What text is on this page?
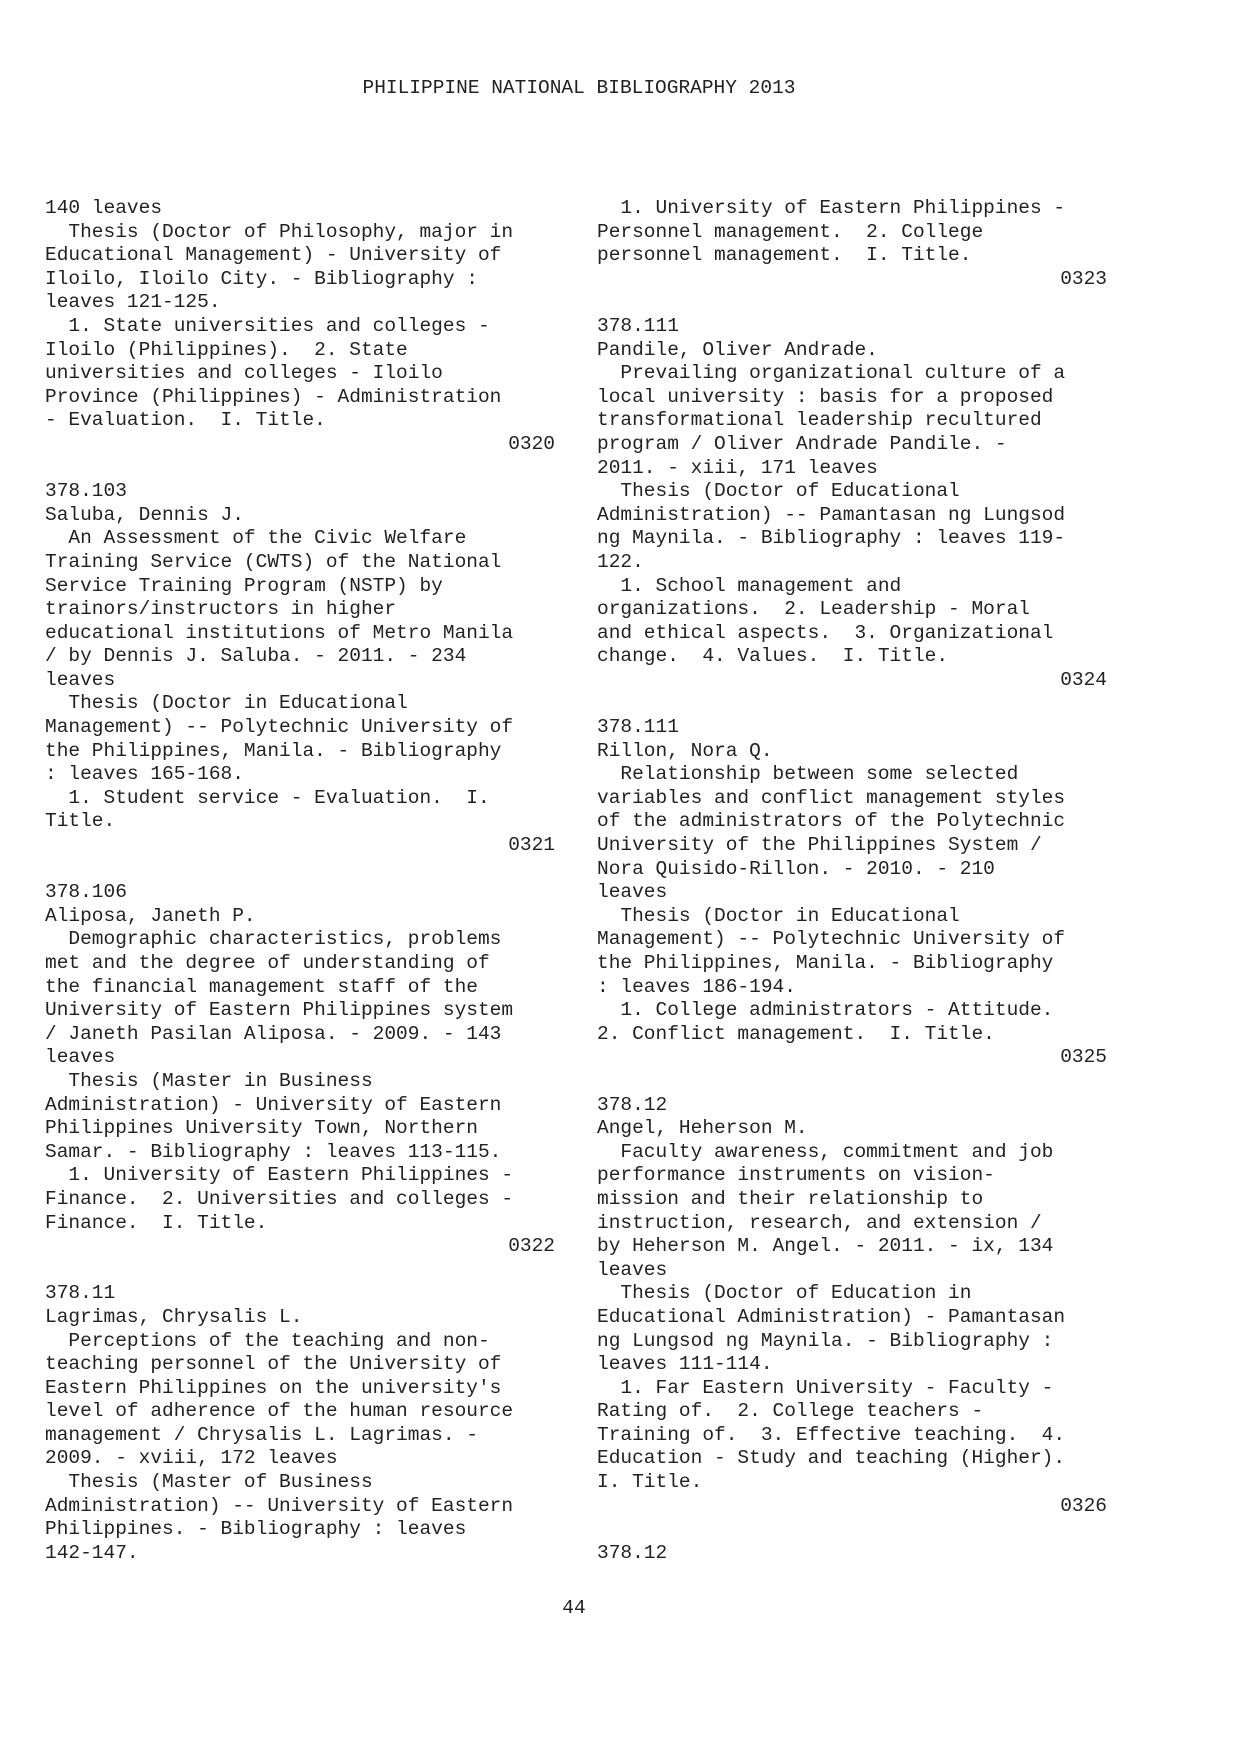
PHILIPPINE NATIONAL BIBLIOGRAPHY 2013
140 leaves
Thesis (Doctor of Philosophy, major in
Educational Management) - University of
Iloilo, Iloilo City. - Bibliography :
leaves 121-125.
1. State universities and colleges -
Iloilo (Philippines).  2. State
universities and colleges - Iloilo
Province (Philippines) - Administration
- Evaluation.  I. Title.
0320
378.103
Saluba, Dennis J.
An Assessment of the Civic Welfare
Training Service (CWTS) of the National
Service Training Program (NSTP) by
trainors/instructors in higher
educational institutions of Metro Manila
/ by Dennis J. Saluba. - 2011. - 234
leaves
Thesis (Doctor in Educational
Management) -- Polytechnic University of
the Philippines, Manila. - Bibliography
: leaves 165-168.
1. Student service - Evaluation.  I.
Title.
0321
378.106
Aliposa, Janeth P.
Demographic characteristics, problems
met and the degree of understanding of
the financial management staff of the
University of Eastern Philippines system
/ Janeth Pasilan Aliposa. - 2009. - 143
leaves
Thesis (Master in Business
Administration) - University of Eastern
Philippines University Town, Northern
Samar. - Bibliography : leaves 113-115.
1. University of Eastern Philippines -
Finance.  2. Universities and colleges -
Finance.  I. Title.
0322
378.11
Lagrimas, Chrysalis L.
Perceptions of the teaching and non-
teaching personnel of the University of
Eastern Philippines on the university's
level of adherence of the human resource
management / Chrysalis L. Lagrimas. -
2009. - xviii, 172 leaves
Thesis (Master of Business
Administration) -- University of Eastern
Philippines. - Bibliography : leaves
142-147.
1. University of Eastern Philippines -
Personnel management.  2. College
personnel management.  I. Title.
0323
378.111
Pandile, Oliver Andrade.
Prevailing organizational culture of a
local university : basis for a proposed
transformational leadership recultured
program / Oliver Andrade Pandile. -
2011. - xiii, 171 leaves
Thesis (Doctor of Educational
Administration) -- Pamantasan ng Lungsod
ng Maynila. - Bibliography : leaves 119-
122.
1. School management and
organizations.  2. Leadership - Moral
and ethical aspects.  3. Organizational
change.  4. Values.  I. Title.
0324
378.111
Rillon, Nora Q.
Relationship between some selected
variables and conflict management styles
of the administrators of the Polytechnic
University of the Philippines System /
Nora Quisido-Rillon. - 2010. - 210
leaves
Thesis (Doctor in Educational
Management) -- Polytechnic University of
the Philippines, Manila. - Bibliography
: leaves 186-194.
1. College administrators - Attitude.
2. Conflict management.  I. Title.
0325
378.12
Angel, Heherson M.
Faculty awareness, commitment and job
performance instruments on vision-
mission and their relationship to
instruction, research, and extension /
by Heherson M. Angel. - 2011. - ix, 134
leaves
Thesis (Doctor of Education in
Educational Administration) - Pamantasan
ng Lungsod ng Maynila. - Bibliography :
leaves 111-114.
1. Far Eastern University - Faculty -
Rating of.  2. College teachers -
Training of.  3. Effective teaching.  4.
Education - Study and teaching (Higher).
I. Title.
0326
378.12
44
